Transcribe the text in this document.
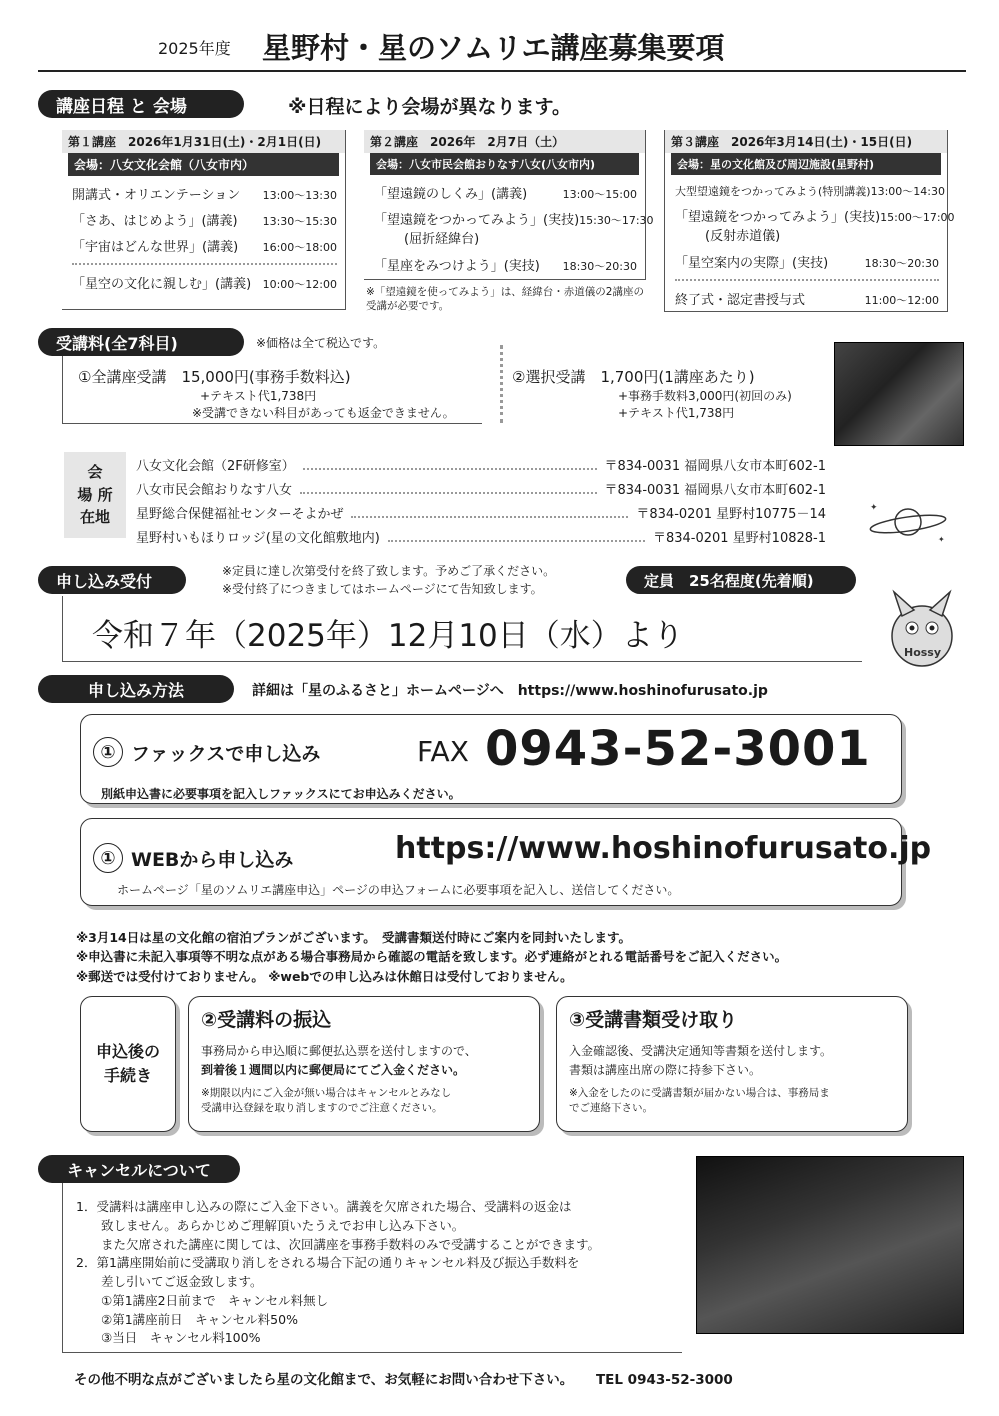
2025年度 星野村・星のソムリエ講座募集要項
講座日程 と 会場	※日程により会場が異なります。
第１講座　2026年1月31日(土)・2月1日(日)
会場：八女文化会館（八女市内）
開講式・オリエンテーション 13:00～13:30
「さあ、はじめよう」(講義) 13:30～15:30
「宇宙はどんな世界」(講義) 16:00～18:00
「星空の文化に親しむ」(講義) 10:00～12:00
第２講座　2026年　2月7日（土）
会場：八女市民会館おりなす八女(八女市内)
「望遠鏡のしくみ」(講義)	13:00～15:00
「望遠鏡をつかってみよう」(実技) 15:30～17:30
(屈折経緯台)
「星座をみつけよう」(実技) 18:30～20:30
※「望遠鏡を使ってみよう」は、経緯台・赤道儀の2講座の受講が必要です。
第３講座　2026年3月14日(土)・15日(日)
会場：星の文化館及び周辺施設(星野村)
大型望遠鏡をつかってみよう(特別講義) 13:00～14:30
「望遠鏡をつかってみよう」(実技) 15:00～17:00
(反射赤道儀)
「星空案内の実際」(実技)	18:30～20:30
終了式・認定書授与式	11:00～12:00
受講料(全7科目)	※価格は全て税込です。
①全講座受講　15,000円(事務手数料込)
+テキスト代1,738円
※受講できない科目があっても返金できません。
②選択受講　1,700円(1講座あたり)
+事務手数料3,000円(初回のみ)
+テキスト代1,738円
会　場 所在地
八女文化会館（2F研修室）	〒834-0031 福岡県八女市本町602-1
八女市民会館おりなす八女	〒834-0031 福岡県八女市本町602-1
星野総合保健福祉センターそよかぜ	〒834-0201 星野村10775－14
星野村いもほりロッジ(星の文化館敷地内)	〒834-0201 星野村10828-1
✦
✦
申し込み受付
※定員に達し次第受付を終了致します。予めご了承ください。
※受付終了につきましてはホームページにて告知致します。	定員　25名程度(先着順)
令和７年（2025年）12月10日（水）より	Hossy
申し込み方法	詳細は「星のふるさと」ホームページへ　https://www.hoshinofurusato.jp
① ファックスで申し込み	FAX 0943-52-3001
別紙申込書に必要事項を記入しファックスにてお申込みください。
① WEBから申し込み	https://www.hoshinofurusato.jp
ホームページ「星のソムリエ講座申込」ページの申込フォームに必要事項を記入し、送信してください。
※3月14日は星の文化館の宿泊プランがございます。　受講書類送付時にご案内を同封いたします。
※申込書に未記入事項等不明な点がある場合事務局から確認の電話を致します。必ず連絡がとれる電話番号をご記入ください。
※郵送では受付けておりません。 ※webでの申し込みは休館日は受付しておりません。
申込後の手続き
②受講料の振込
事務局から申込順に郵便払込票を送付しますので、
到着後１週間以内に郵便局にてご入金ください。
※期限以内にご入金が無い場合はキャンセルとみなし
受講申込登録を取り消しますのでご注意ください。
③受講書類受け取り
入金確認後、受講決定通知等書類を送付します。
書類は講座出席の際に持参下さい。
※入金をしたのに受講書類が届かない場合は、事務局ま
でご連絡下さい。
キャンセルについて
1．受講料は講座申し込みの際にご入金下さい。講義を欠席された場合、受講料の返金は
　　致しません。あらかじめご理解頂いたうえでお申し込み下さい。
　　また欠席された講座に関しては、次回講座を事務手数料のみで受講することができます。
2．第1講座開始前に受講取り消しをされる場合下記の通りキャンセル料及び振込手数料を
　　差し引いてご返金致します。
　　①第1講座2日前まで　キャンセル料無し
　　②第1講座前日　キャンセル料50%
　　③当日　キャンセル料100%
その他不明な点がございましたら星の文化館まで、お気軽にお問い合わせ下さい。 TEL 0943-52-3000
